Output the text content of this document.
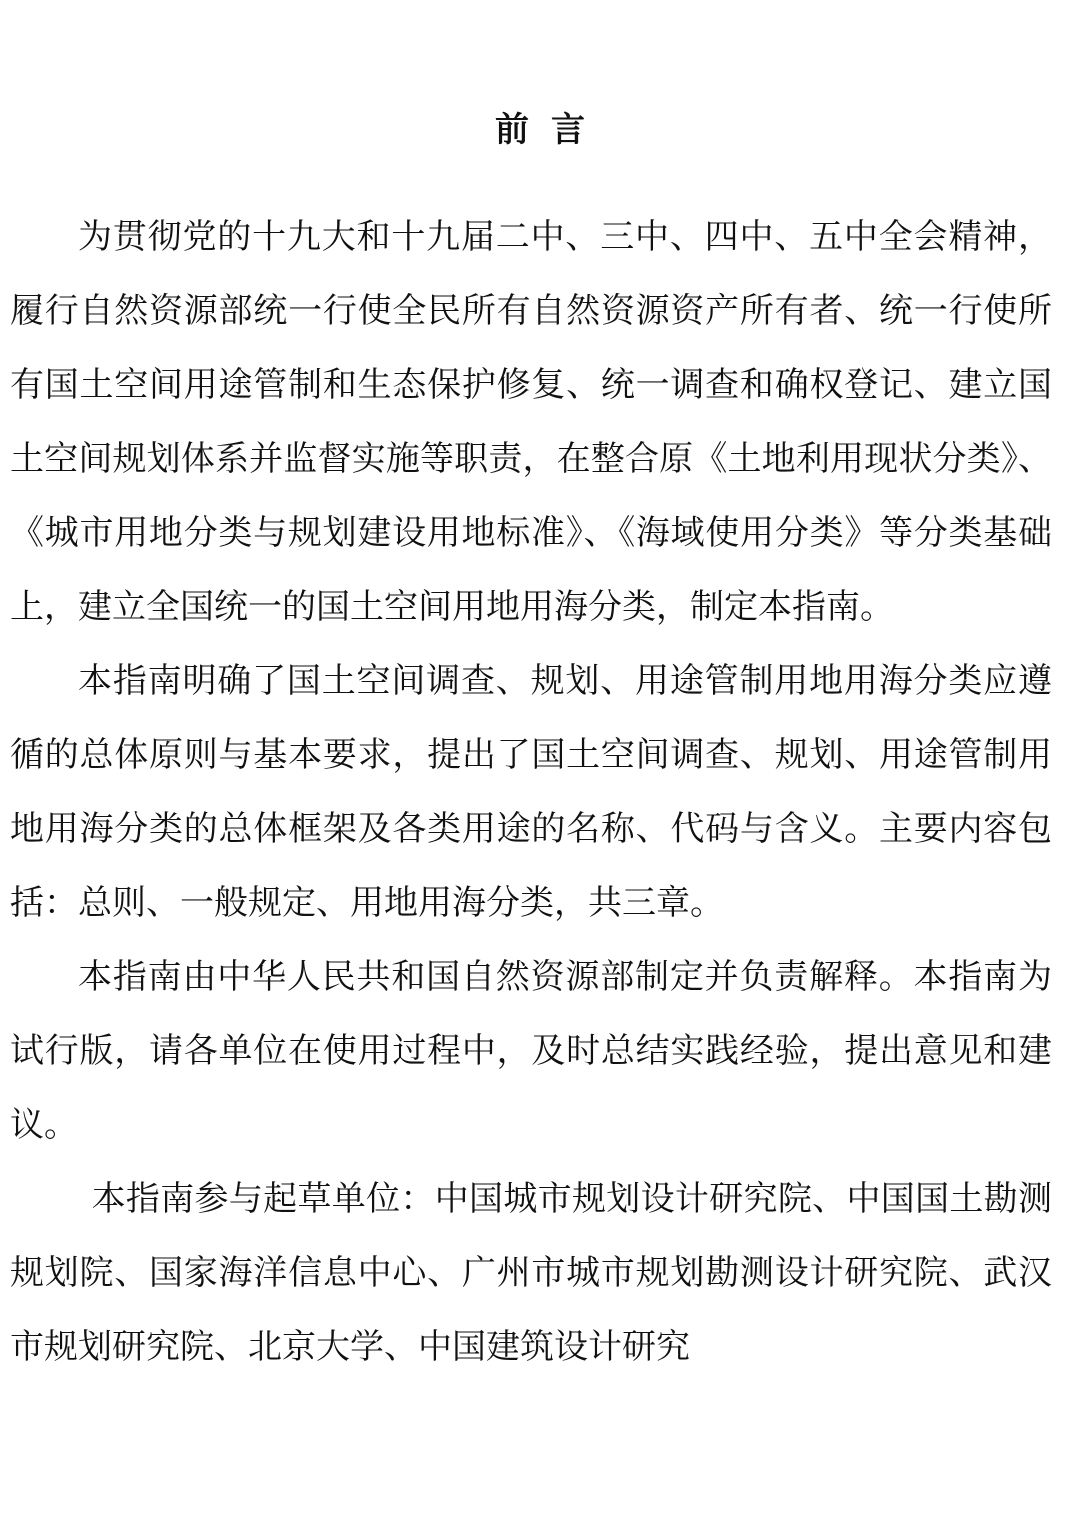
前言

为贯彻党的十九大和十九届二中、三中、四中、五中全会精神，履行自然资源部统一行使全民所有自然资源资产所有者、统一行使所有国土空间用途管制和生态保护修复、统一调查和确权登记、建立国土空间规划体系并监督实施等职责，在整合原《土地利用现状分类》、《城市用地分类与规划建设用地标准》、《海域使用分类》等分类基础上，建立全国统一的国土空间用地用海分类，制定本指南。

本指南明确了国土空间调查、规划、用途管制用地用海分类应遵循的总体原则与基本要求，提出了国土空间调查、规划、用途管制用地用海分类的总体框架及各类用途的名称、代码与含义。主要内容包括：总则、一般规定、用地用海分类，共三章。

本指南由中华人民共和国自然资源部制定并负责解释。本指南为试行版，请各单位在使用过程中，及时总结实践经验，提出意见和建议。

本指南参与起草单位：中国城市规划设计研究院、中国国土勘测规划院、国家海洋信息中心、广州市城市规划勘测设计研究院、武汉市规划研究院、北京大学、中国建筑设计研究
